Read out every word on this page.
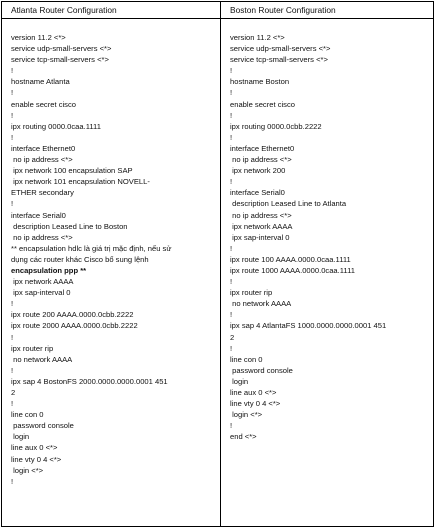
Atlanta Router Configuration
version 11.2 <*>
service udp-small-servers <*>
service tcp-small-servers <*>
!
hostname Atlanta
!
enable secret cisco
!
ipx routing 0000.0caa.1111
!
interface Ethernet0
no ip address <*>
ipx network 100 encapsulation SAP
ipx network 101 encapsulation NOVELL-
ETHER secondary
!
interface Serial0
description Leased Line to Boston
no ip address <*>
** encapsulation hdlc là giá trị mặc định, nếu sử
dụng các router khác Cisco bổ sung lệnh
encapsulation ppp **
ipx network AAAA
ipx sap-interval 0
!
ipx route 200 AAAA.0000.0cbb.2222
ipx route 2000 AAAA.0000.0cbb.2222
!
ipx router rip
no network AAAA
!
ipx sap 4 BostonFS 2000.0000.0000.0001 451
2
!
line con 0
password console
login
line aux 0 <*>
line vty 0 4 <*>
login <*>
!
Boston Router Configuration
version 11.2 <*>
service udp-small-servers <*>
service tcp-small-servers <*>
!
hostname Boston
!
enable secret cisco
!
ipx routing 0000.0cbb.2222
!
interface Ethernet0
no ip address <*>
ipx network 200
!
interface Serial0
description Leased Line to Atlanta
no ip address <*>
ipx network AAAA
ipx sap-interval 0
!
ipx route 100 AAAA.0000.0caa.1111
ipx route 1000 AAAA.0000.0caa.1111
!
ipx router rip
no network AAAA
!
ipx sap 4 AtlantaFS 1000.0000.0000.0001 451
2
!
line con 0
password console
login
line aux 0 <*>
line vty 0 4 <*>
login <*>
!
end <*>
